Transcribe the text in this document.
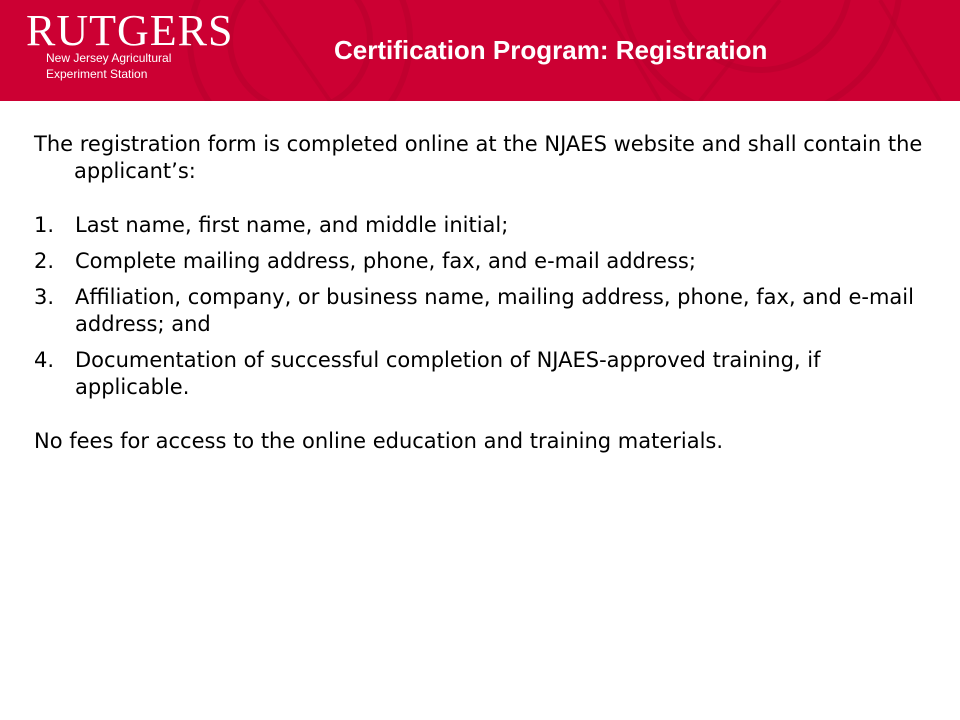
RUTGERS
New Jersey Agricultural
Experiment Station
Certification Program: Registration

The registration form is completed online at the NJAES website and shall contain the applicant’s:

1. Last name, first name, and middle initial;
2. Complete mailing address, phone, fax, and e-mail address;
3. Affiliation, company, or business name, mailing address, phone, fax, and e-mail address; and
4. Documentation of successful completion of NJAES-approved training, if applicable.

No fees for access to the online education and training materials.
